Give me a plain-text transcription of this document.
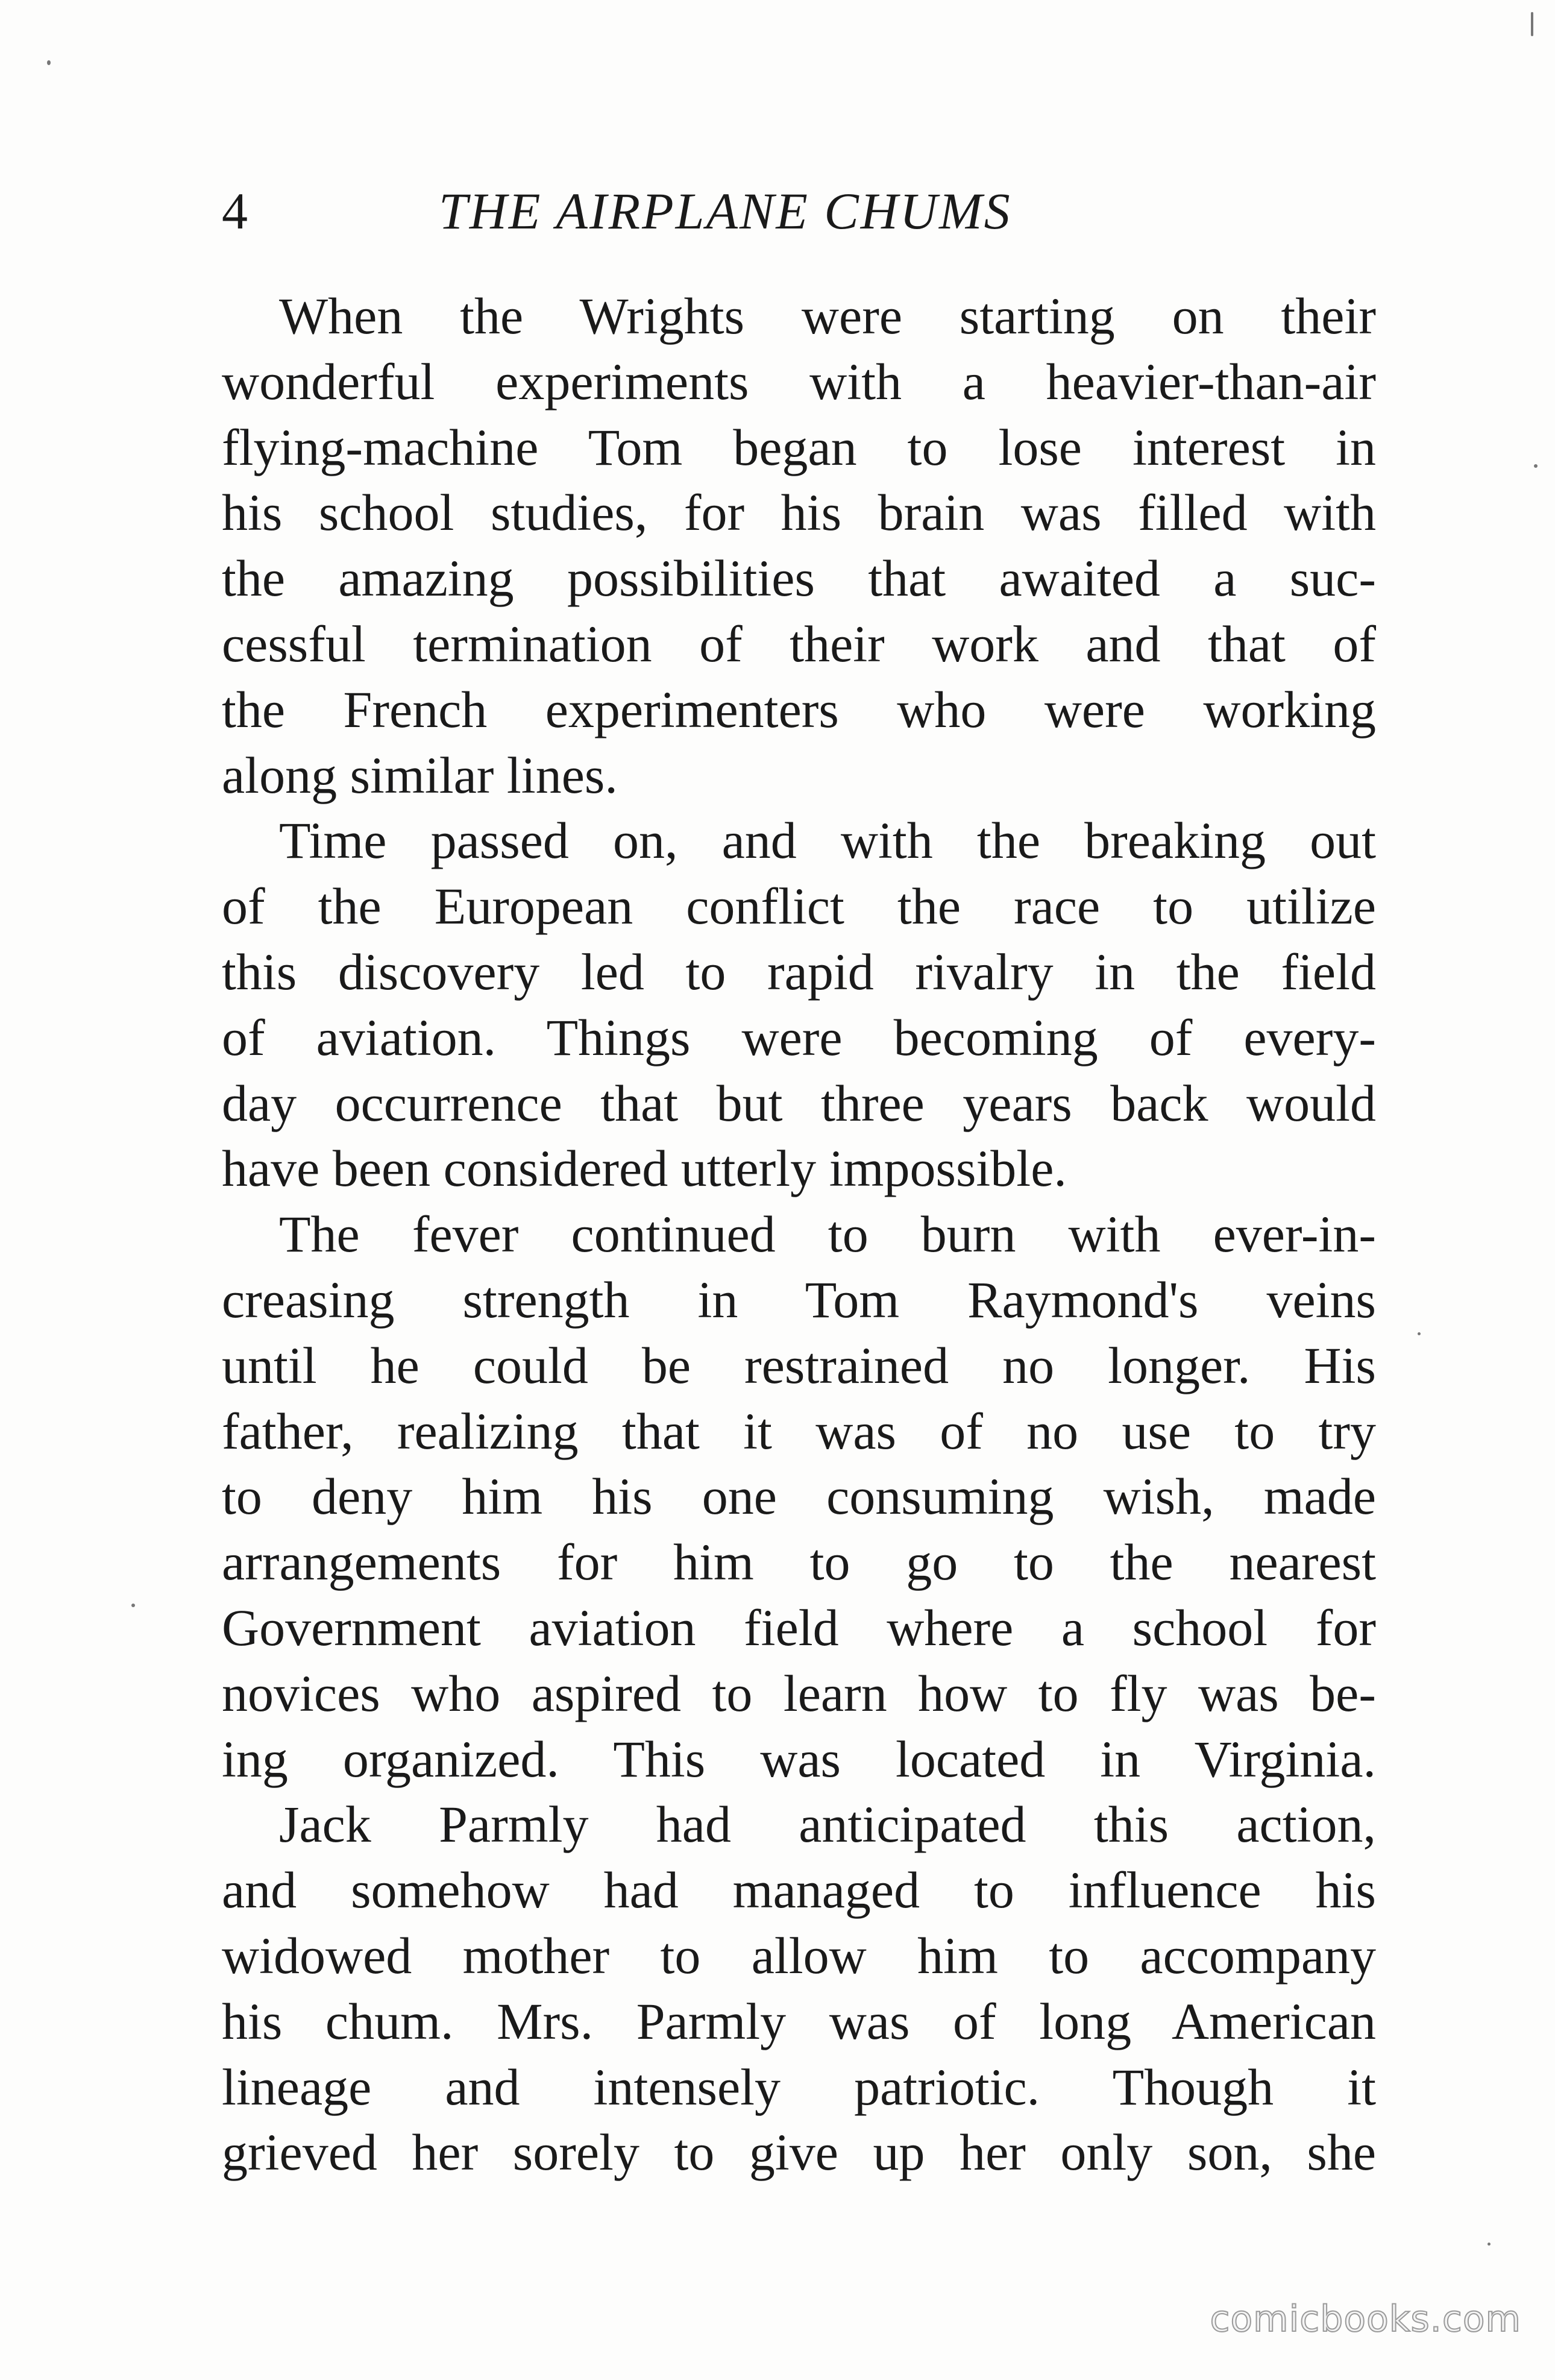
4	THE AIRPLANE CHUMS
When the Wrights were starting on their
wonderful experiments with a heavier-than-air
flying-machine Tom began to lose interest in
his school studies, for his brain was filled with
the amazing possibilities that awaited a suc-
cessful termination of their work and that of
the French experimenters who were working
along similar lines.
Time passed on, and with the breaking out
of the European conflict the race to utilize
this discovery led to rapid rivalry in the field
of aviation. Things were becoming of every-
day occurrence that but three years back would
have been considered utterly impossible.
The fever continued to burn with ever-in-
creasing strength in Tom Raymond's veins
until he could be restrained no longer. His
father, realizing that it was of no use to try
to deny him his one consuming wish, made
arrangements for him to go to the nearest
Government aviation field where a school for
novices who aspired to learn how to fly was be-
ing organized. This was located in Virginia.
Jack Parmly had anticipated this action,
and somehow had managed to influence his
widowed mother to allow him to accompany
his chum. Mrs. Parmly was of long American
lineage and intensely patriotic. Though it
grieved her sorely to give up her only son, she
comicbooks.com
